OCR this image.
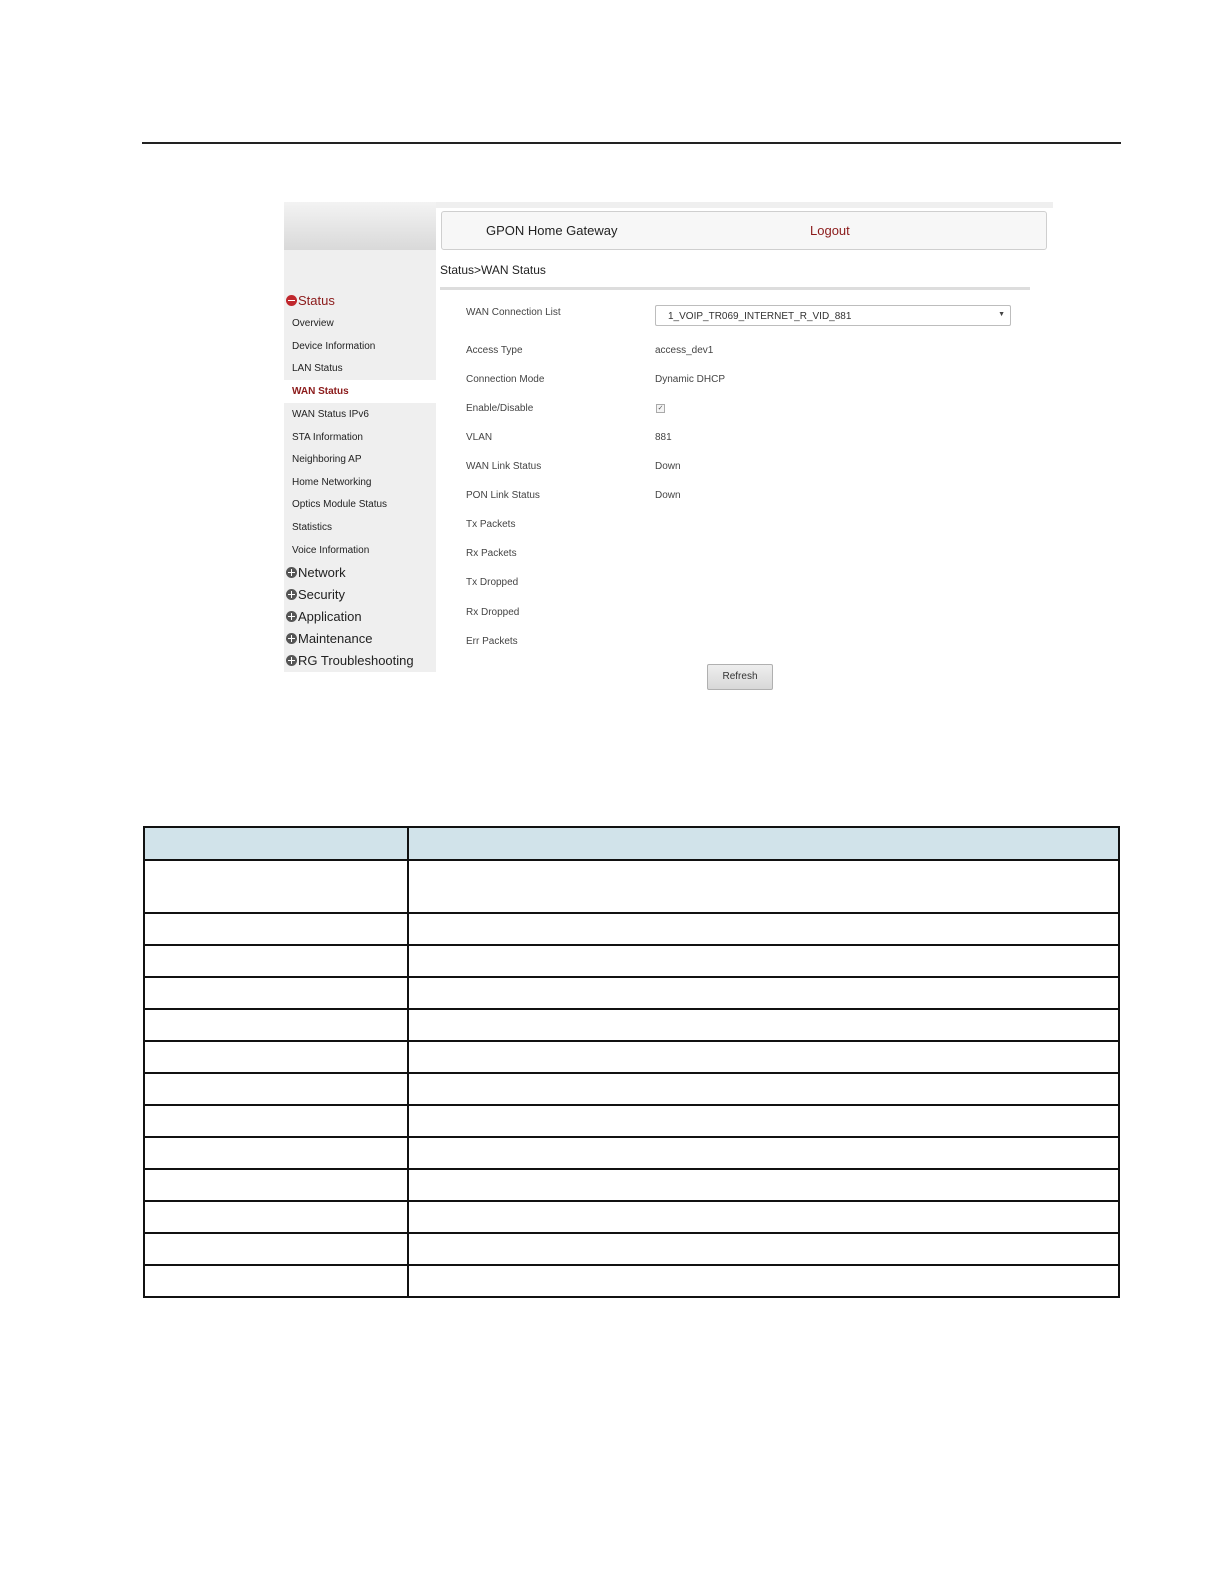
Status
Overview
Device Information
LAN Status
WAN Status
WAN Status IPv6
STA Information
Neighboring AP
Home Networking
Optics Module Status
Statistics
Voice Information
Network
Security
Application
Maintenance
RG Troubleshooting
GPON Home Gateway	Logout
Status>WAN Status
WAN Connection List	1_VOIP_TR069_INTERNET_R_VID_881	▼
Access Type	access_dev1
Connection Mode	Dynamic DHCP
Enable/Disable	✓
VLAN	881
WAN Link Status	Down
PON Link Status	Down
Tx Packets
Rx Packets
Tx Dropped
Rx Dropped
Err Packets
Refresh
